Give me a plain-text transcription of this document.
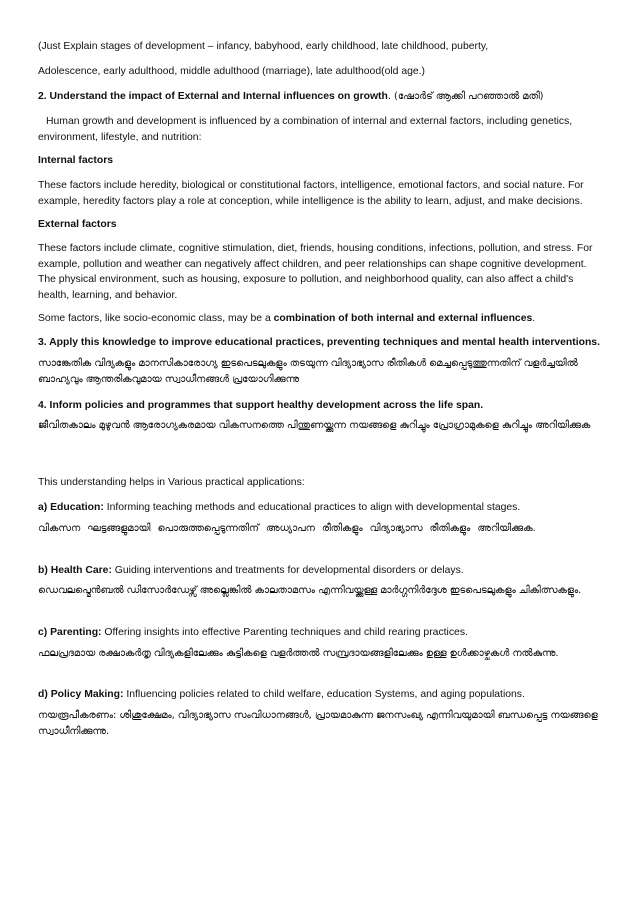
(Just Explain stages of development – infancy, babyhood, early childhood, late childhood, puberty,
Adolescence, early adulthood, middle adulthood (marriage), late adulthood(old age.)
2. Understand the impact of External and Internal influences on growth. (ഷോർട് ആക്കി പറഞ്ഞാൽ മതി)
Human growth and development is influenced by a combination of internal and external factors, including genetics, environment, lifestyle, and nutrition:
Internal factors
These factors include heredity, biological or constitutional factors, intelligence, emotional factors, and social nature. For example, heredity factors play a role at conception, while intelligence is the ability to learn, adjust, and make decisions.
External factors
These factors include climate, cognitive stimulation, diet, friends, housing conditions, infections, pollution, and stress. For example, pollution and weather can negatively affect children, and peer relationships can shape cognitive development. The physical environment, such as housing, exposure to pollution, and neighborhood quality, can also affect a child's health, learning, and behavior.
Some factors, like socio-economic class, may be a combination of both internal and external influences.
3. Apply this knowledge to improve educational practices, preventing techniques and mental health interventions.
സാങ്കേതിക വിദ്യകളും മാനസികാരോഗ്യ ഇടപെടലുകളും തടയുന്ന വിദ്യാഭ്യാസ രീതികൾ മെച്ചപ്പെടുത്തുന്നതിന് വളർച്ചയിൽ ബാഹ്യവും ആന്തരികവുമായ സ്വാധീനങ്ങൾ പ്രയോഗിക്കുന്നു
4. Inform policies and programmes that support healthy development across the life span.
ജീവിതകാലം മുഴുവൻ ആരോഗ്യകരമായ വികസനത്തെ പിന്തുണയ്ക്കുന്ന നയങ്ങളെ കുറിച്ചും പ്രോഗ്രാമുകളെ കുറിച്ചും അറിയിക്കുക
This understanding helps in Various practical applications:
a) Education: Informing teaching methods and educational practices to align with developmental stages.
വികസന ഘട്ടങ്ങളുമായി പൊരുത്തപ്പെടുന്നതിന് അധ്യാപന രീതികളും വിദ്യാഭ്യാസ രീതികളും അറിയിക്കുക.
b) Health Care: Guiding interventions and treatments for developmental disorders or delays.
ഡെവലപ്മെൻബൽ ഡിസോർഡേഴ്സ് അല്ലെങ്കിൽ കാലതാമസം എന്നിവയ്ക്കുള്ള മാർഗ്ഗനിർദ്ദേശ ഇടപെടലുകളും ചികിത്സകളും.
c) Parenting: Offering insights into effective Parenting techniques and child rearing practices.
ഫലപ്രദമായ രക്ഷാകർതൃ വിദ്യകളിലേക്കും കുട്ടികളെ വളർത്തൽ സമ്പ്രദായങ്ങളിലേക്കും ഉള്ള ഉൾക്കാഴ്ചകൾ നൽകുന്നു.
d) Policy Making: Influencing policies related to child welfare, education Systems, and aging populations.
നയരൂപീകരണം: ശിശുക്ഷേമം, വിദ്യാഭ്യാസ സംവിധാനങ്ങൾ, പ്രായമാകുന്ന ജനസംഖ്യ എന്നിവയുമായി ബന്ധപ്പെട്ട നയങ്ങളെ സ്വാധീനിക്കുന്നു.
